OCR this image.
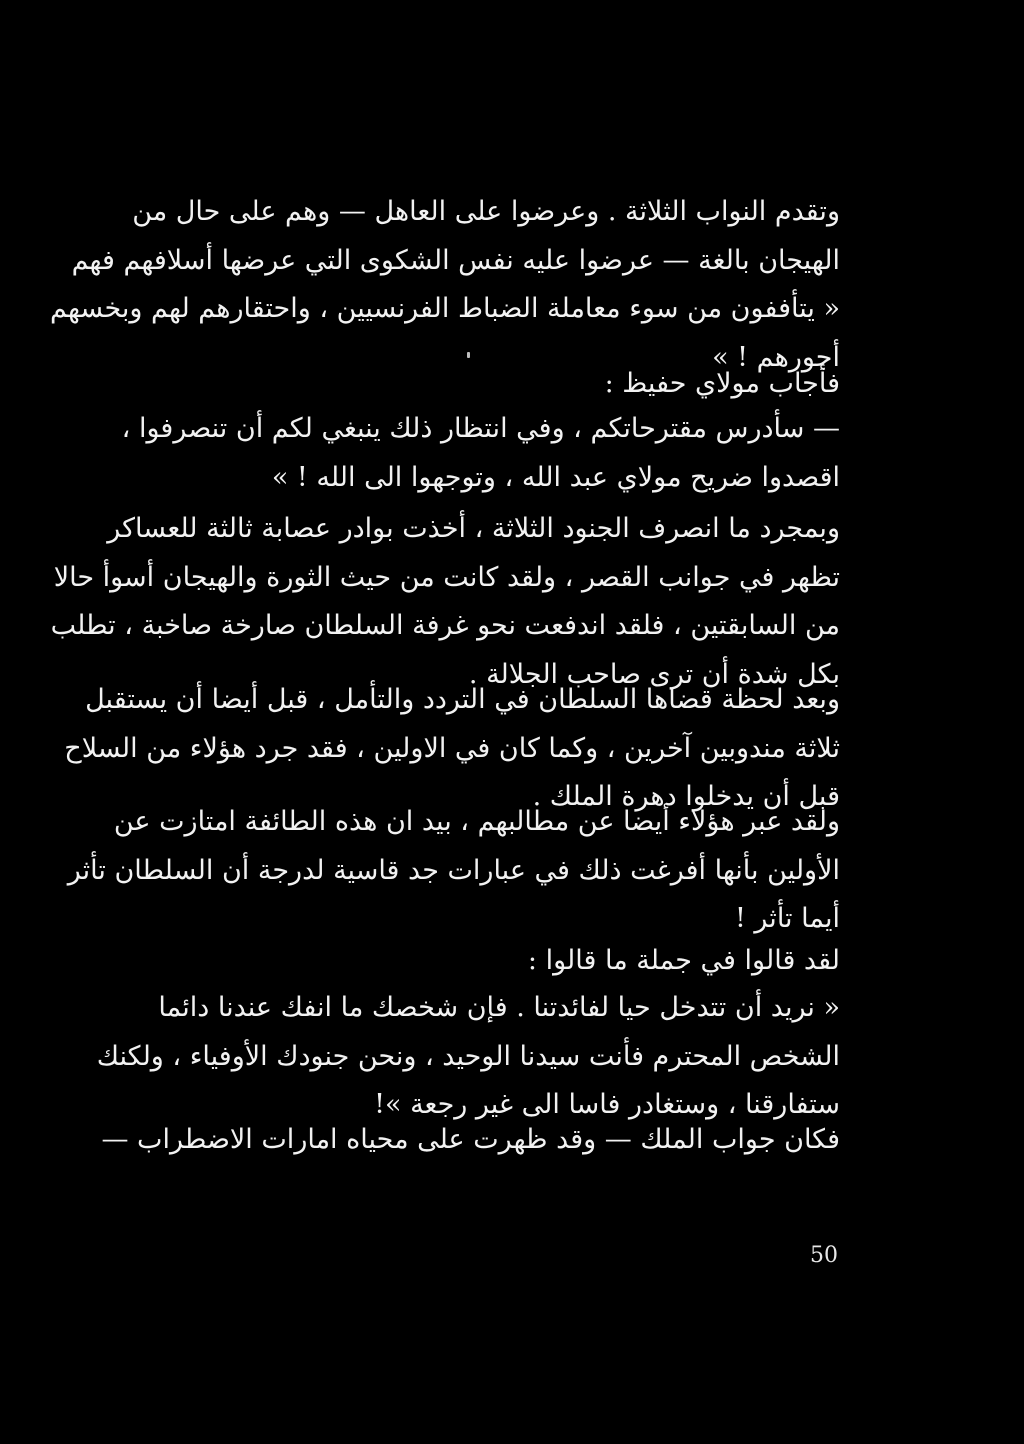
وتقدم النواب الثلاثة . وعرضوا على العاهل — وهم على حال من
الهيجان بالغة — عرضوا عليه نفس الشكوى التي عرضها أسلافهم فهم
« يتأففون من سوء معاملة الضباط الفرنسيين ، واحتقارهم لهم وبخسهم
أجورهم ! »
فأجاب مولاي حفيظ :
— سأدرس مقترحاتكم ، وفي انتظار ذلك ينبغي لكم أن تنصرفوا ،
اقصدوا ضريح مولاي عبد الله ، وتوجهوا الى الله ! »
وبمجرد ما انصرف الجنود الثلاثة ، أخذت بوادر عصابة ثالثة للعساكر
تظهر في جوانب القصر ، ولقد كانت من حيث الثورة والهيجان أسوأ حالا
من السابقتين ، فلقد اندفعت نحو غرفة السلطان صارخة صاخبة ، تطلب
بكل شدة أن ترى صاحب الجلالة .
وبعد لحظة قضاها السلطان في التردد والتأمل ، قبل أيضا أن يستقبل
ثلاثة مندوبين آخرين ، وكما كان في الاولين ، فقد جرد هؤلاء من السلاح
قبل أن يدخلوا دهرة الملك .
ولقد عبر هؤلاء أيضا عن مطالبهم ، بيد ان هذه الطائفة امتازت عن
الأولين بأنها أفرغت ذلك في عبارات جد قاسية لدرجة أن السلطان تأثر
أيما تأثر !
لقد قالوا في جملة ما قالوا :
« نريد أن تتدخل حيا لفائدتنا . فإن شخصك ما انفك عندنا دائما
الشخص المحترم فأنت سيدنا الوحيد ، ونحن جنودك الأوفياء ، ولكنك
ستفارقنا ، وستغادر فاسا الى غير رجعة »!
فكان جواب الملك — وقد ظهرت على محياه امارات الاضطراب —
50
